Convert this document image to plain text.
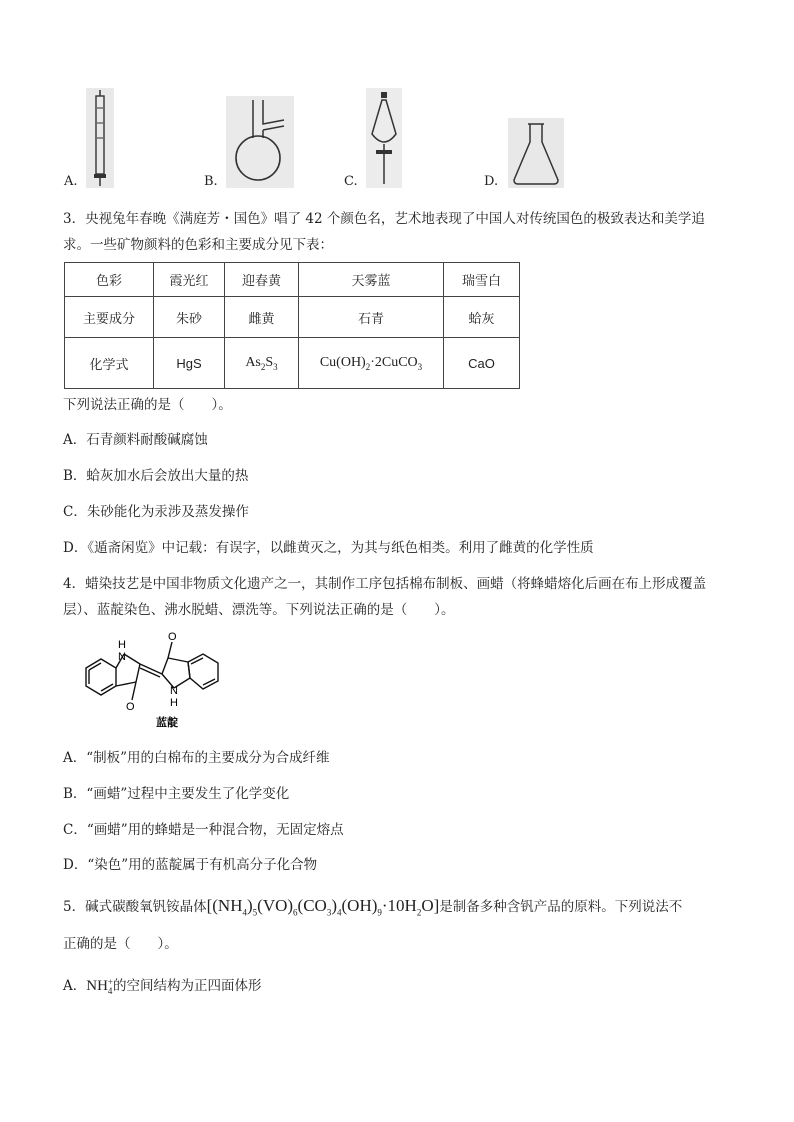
A.	B.	C.	D.
3．央视兔年春晚《满庭芳・国色》唱了 42 个颜色名，艺术地表现了中国人对传统国色的极致表达和美学追
求。一些矿物颜料的色彩和主要成分见下表：
色彩	霞光红	迎春黄	天雾蓝	瑞雪白
主要成分	朱砂	雌黄	石青	蛤灰
化学式	HgS	$As_2S_3$	$Cu(OH)_2\cdot 2CuCO_3$	CaO
下列说法正确的是（　　）。
A．石青颜料耐酸碱腐蚀
B．蛤灰加水后会放出大量的热
C．朱砂能化为汞涉及蒸发操作
D．《遁斋闲览》中记载：有误字，以雌黄灭之，为其与纸色相类。利用了雌黄的化学性质
4．蜡染技艺是中国非物质文化遗产之一，其制作工序包括棉布制板、画蜡（将蜂蜡熔化后画在布上形成覆盖
层）、蓝靛染色、沸水脱蜡、漂洗等。下列说法正确的是（　　）。
H
N
O
O
N
H
蓝靛
A．“制板”用的白棉布的主要成分为合成纤维
B．“画蜡”过程中主要发生了化学变化
C．“画蜡”用的蜂蜡是一种混合物，无固定熔点
D．“染色”用的蓝靛属于有机高分子化合物
5．碱式碳酸氧钒铵晶体$[(NH_4)_5(VO)_6(CO_3)_4(OH)_9\cdot 10H_2O]$是制备多种含钒产品的原料。下列说法不
正确的是（　　）。
A．NH +
4 的空间结构为正四面体形
